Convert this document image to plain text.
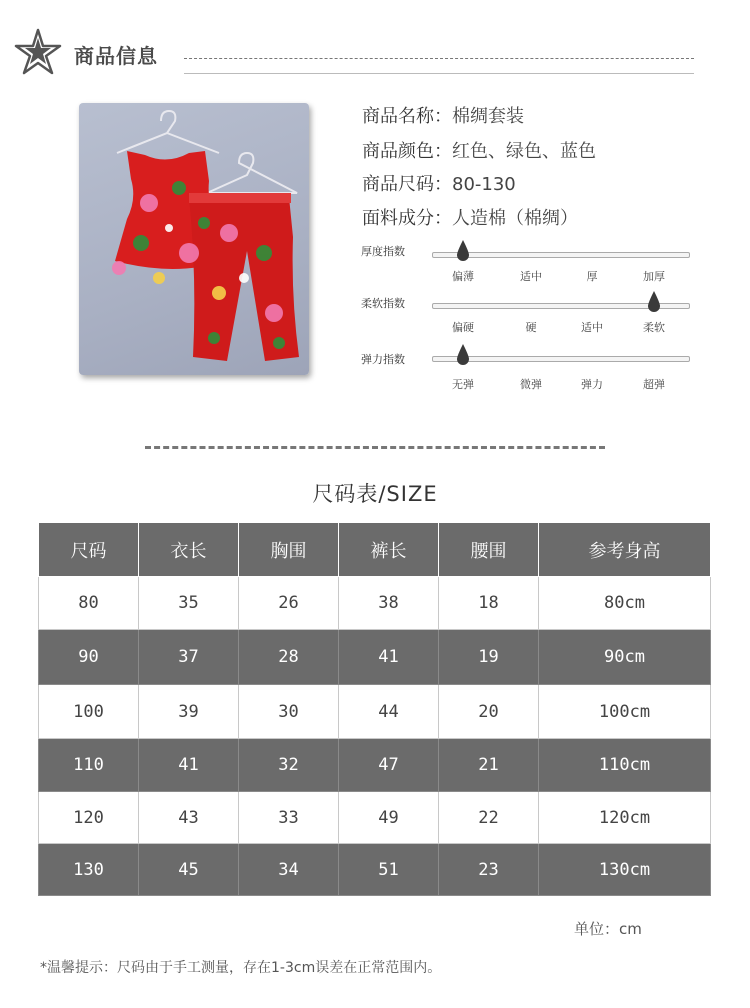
商品信息
商品名称：棉绸套装
商品颜色：红色、绿色、蓝色
商品尺码：80-130
面料成分：人造棉（棉绸）
厚度指数
偏薄	适中	厚	加厚
柔软指数
偏硬	硬	适中	柔软
弹力指数
无弹	微弹	弹力	超弹
尺码表/SIZE
尺码	衣长	胸围	裤长	腰围	参考身高
80	35	26	38	18	80cm
90	37	28	41	19	90cm
100	39	30	44	20	100cm
110	41	32	47	21	110cm
120	43	33	49	22	120cm
130	45	34	51	23	130cm
单位：cm
*温馨提示：尺码由于手工测量，存在1-3cm误差在正常范围内。
